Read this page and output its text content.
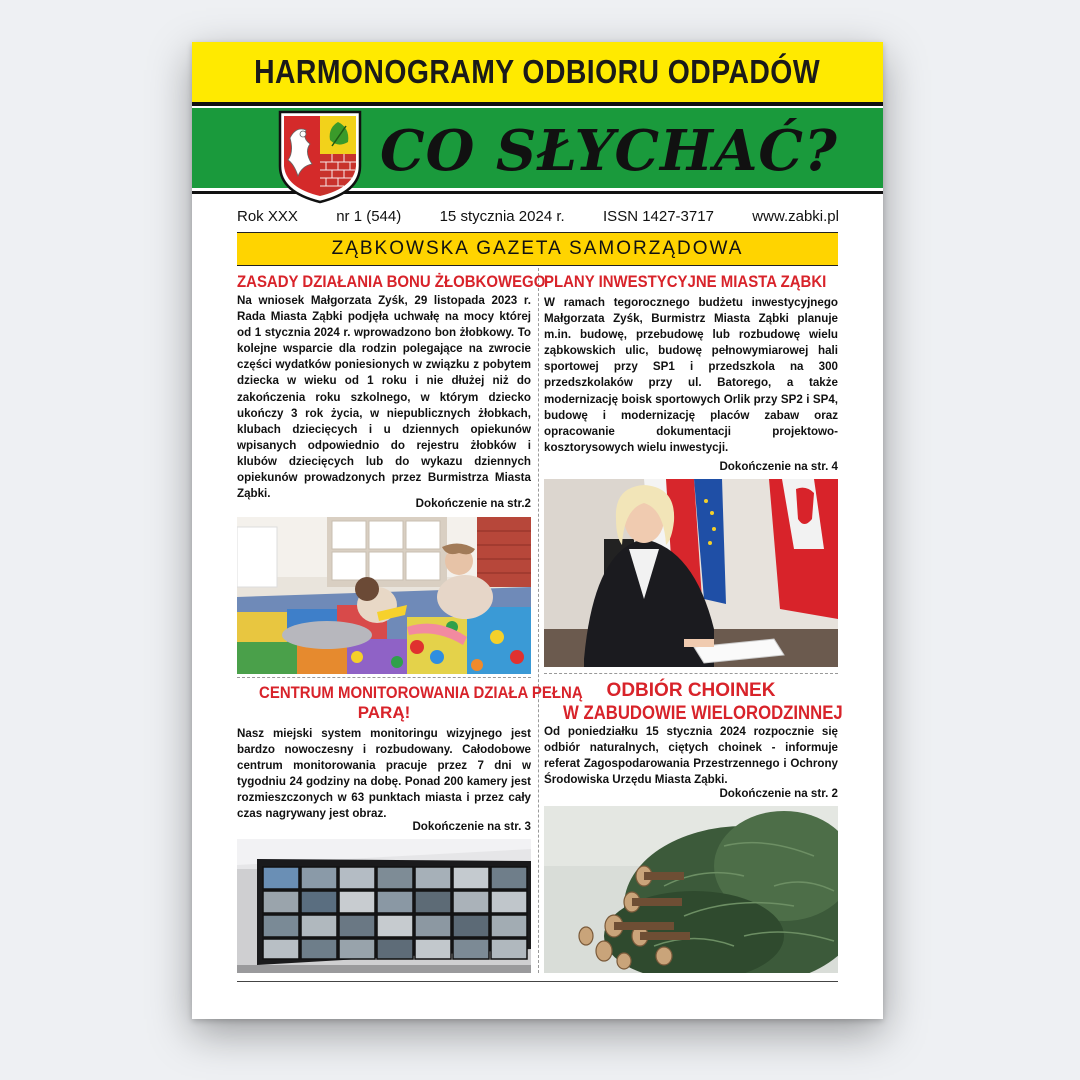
HARMONOGRAMY ODBIORU ODPADÓW
CO SŁYCHAĆ?
Rok XXX	nr 1 (544)	15 stycznia 2024 r.	ISSN 1427-3717	www.zabki.pl
ZĄBKOWSKA GAZETA SAMORZĄDOWA
ZASADY DZIAŁANIA BONU ŻŁOBKOWEGO
Na wniosek Małgorzata Zyśk, 29 listopada 2023 r. Rada Miasta Ząbki podjęła uchwałę na mocy której od 1 stycznia 2024 r. wprowadzono bon żłobkowy. To kolejne wsparcie dla rodzin polegające na zwrocie części wydatków poniesionych w związku z pobytem dziecka w wieku od 1 roku i nie dłużej niż do zakończenia roku szkolnego, w którym dziecko ukończy 3 rok życia, w niepublicznych żłobkach, klubach dziecięcych i u dziennych opiekunów wpisanych odpowiednio do rejestru żłobków i klubów dziecięcych lub do wykazu dziennych opiekunów prowadzonych przez Burmistrza Miasta Ząbki.
Dokończenie na str.2
PLANY INWESTYCYJNE MIASTA ZĄBKI
W ramach tegorocznego budżetu inwestycyjnego Małgorzata Zyśk, Burmistrz Miasta Ząbki planuje m.in. budowę, przebudowę lub rozbudowę wielu ząbkowskich ulic, budowę pełnowymiarowej hali sportowej przy SP1 i przedszkola na 300 przedszkolaków przy ul. Batorego, a także modernizację boisk sportowych Orlik przy SP2 i SP4, budowę i modernizację placów zabaw oraz opracowanie dokumentacji projektowo-kosztorysowych wielu inwestycji.
Dokończenie na str. 4
CENTRUM MONITOROWANIA DZIAŁA PEŁNĄ
PARĄ!
Nasz miejski system monitoringu wizyjnego jest bardzo nowoczesny i rozbudowany. Całodobowe centrum monitorowania pracuje przez 7 dni w tygodniu 24 godziny na dobę. Ponad 200 kamery jest rozmieszczonych w 63 punktach miasta i przez cały czas nagrywany jest obraz.
Dokończenie na str. 3
ODBIÓR CHOINEK
W ZABUDOWIE WIELORODZINNEJ
Od poniedziałku 15 stycznia 2024 rozpocznie się odbiór naturalnych, ciętych choinek - informuje referat Zagospodarowania Przestrzennego i Ochrony Środowiska Urzędu Miasta Ząbki.
Dokończenie na str. 2
